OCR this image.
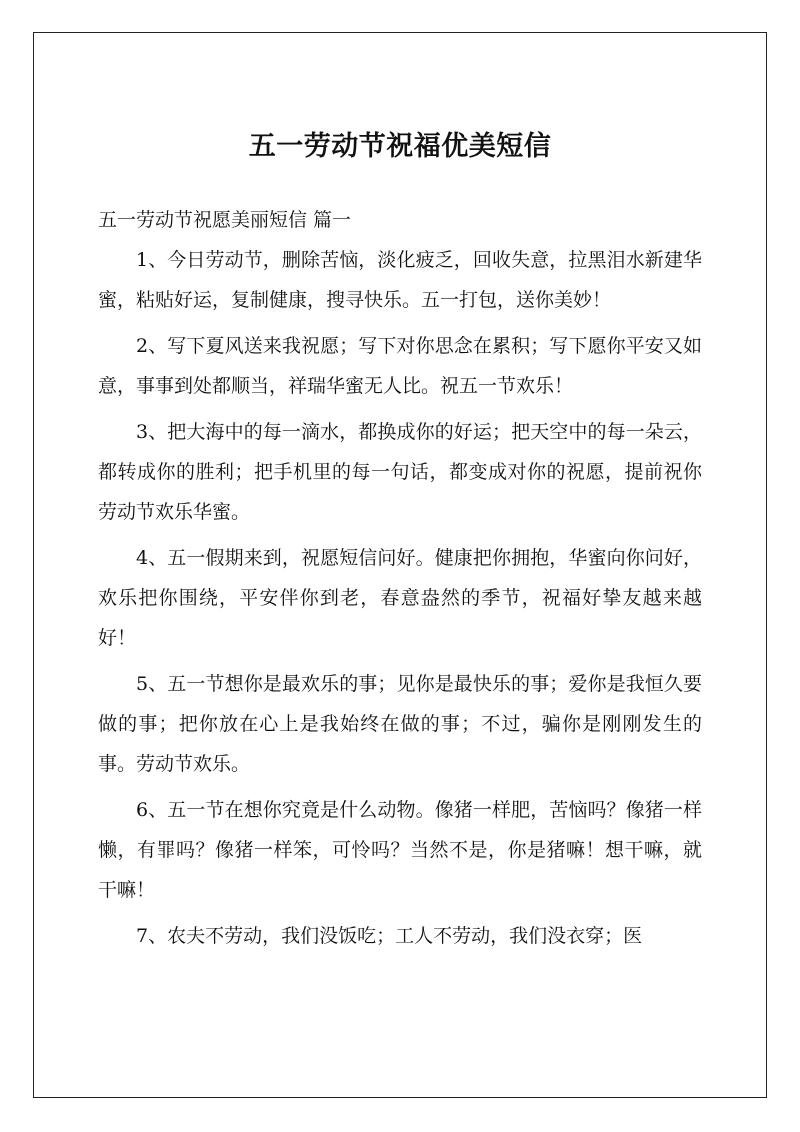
五一劳动节祝福优美短信
五一劳动节祝愿美丽短信 篇一

1、今日劳动节，删除苦恼，淡化疲乏，回收失意，拉黑泪水新建华蜜，粘贴好运，复制健康，搜寻快乐。五一打包，送你美妙！

2、写下夏风送来我祝愿；写下对你思念在累积；写下愿你平安又如意，事事到处都顺当，祥瑞华蜜无人比。祝五一节欢乐！

3、把大海中的每一滴水，都换成你的好运；把天空中的每一朵云，都转成你的胜利；把手机里的每一句话，都变成对你的祝愿，提前祝你劳动节欢乐华蜜。

4、五一假期来到，祝愿短信问好。健康把你拥抱，华蜜向你问好，欢乐把你围绕，平安伴你到老，春意盎然的季节，祝福好挚友越来越好！

5、五一节想你是最欢乐的事；见你是最快乐的事；爱你是我恒久要做的事；把你放在心上是我始终在做的事；不过，骗你是刚刚发生的事。劳动节欢乐。

6、五一节在想你究竟是什么动物。像猪一样肥，苦恼吗？像猪一样懒，有罪吗？像猪一样笨，可怜吗？当然不是，你是猪嘛！想干嘛，就干嘛！

7、农夫不劳动，我们没饭吃；工人不劳动，我们没衣穿；医
